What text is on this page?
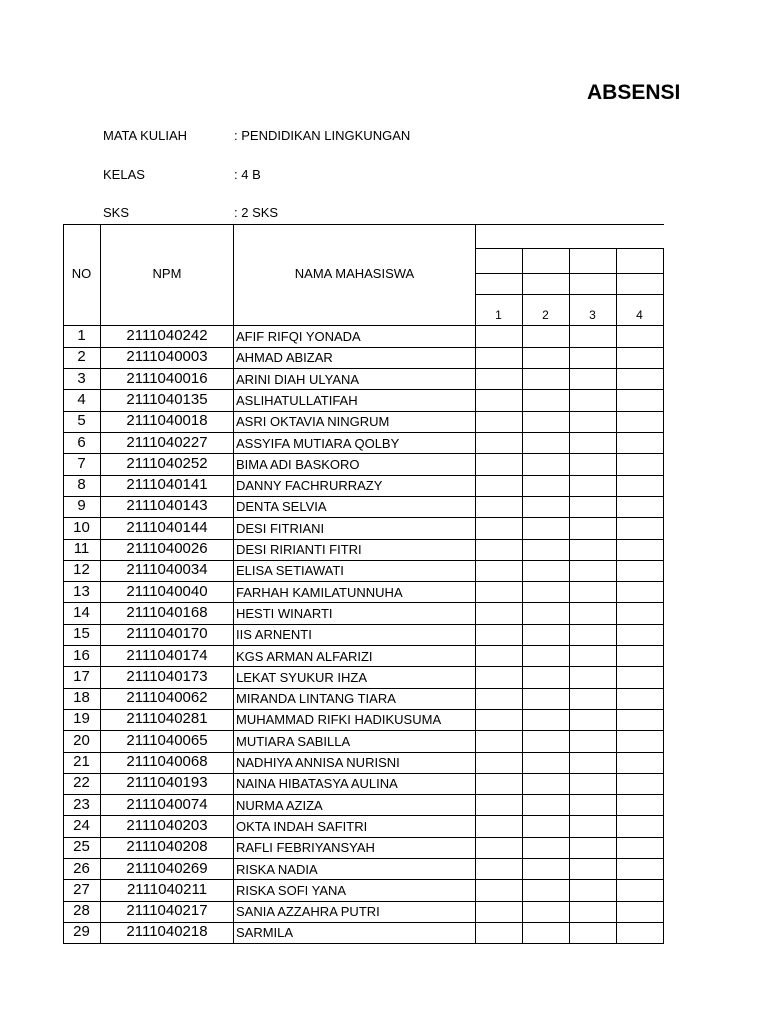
ABSENSI
MATA KULIAH	: PENDIDIKAN LINGKUNGAN
KELAS	: 4 B
SKS	: 2 SKS
NO	NPM	NAMA MAHASISWA
1	2	3	4
1	2111040242	AFIF RIFQI YONADA
2	2111040003	AHMAD ABIZAR
3	2111040016	ARINI DIAH ULYANA
4	2111040135	ASLIHATULLATIFAH
5	2111040018	ASRI OKTAVIA NINGRUM
6	2111040227	ASSYIFA MUTIARA QOLBY
7	2111040252	BIMA ADI BASKORO
8	2111040141	DANNY FACHRURRAZY
9	2111040143	DENTA SELVIA
10	2111040144	DESI FITRIANI
11	2111040026	DESI RIRIANTI FITRI
12	2111040034	ELISA SETIAWATI
13	2111040040	FARHAH KAMILATUNNUHA
14	2111040168	HESTI WINARTI
15	2111040170	IIS ARNENTI
16	2111040174	KGS ARMAN ALFARIZI
17	2111040173	LEKAT SYUKUR IHZA
18	2111040062	MIRANDA LINTANG TIARA
19	2111040281	MUHAMMAD RIFKI HADIKUSUMA
20	2111040065	MUTIARA SABILLA
21	2111040068	NADHIYA ANNISA NURISNI
22	2111040193	NAINA HIBATASYA AULINA
23	2111040074	NURMA AZIZA
24	2111040203	OKTA INDAH SAFITRI
25	2111040208	RAFLI FEBRIYANSYAH
26	2111040269	RISKA NADIA
27	2111040211	RISKA SOFI YANA
28	2111040217	SANIA AZZAHRA PUTRI
29	2111040218	SARMILA
